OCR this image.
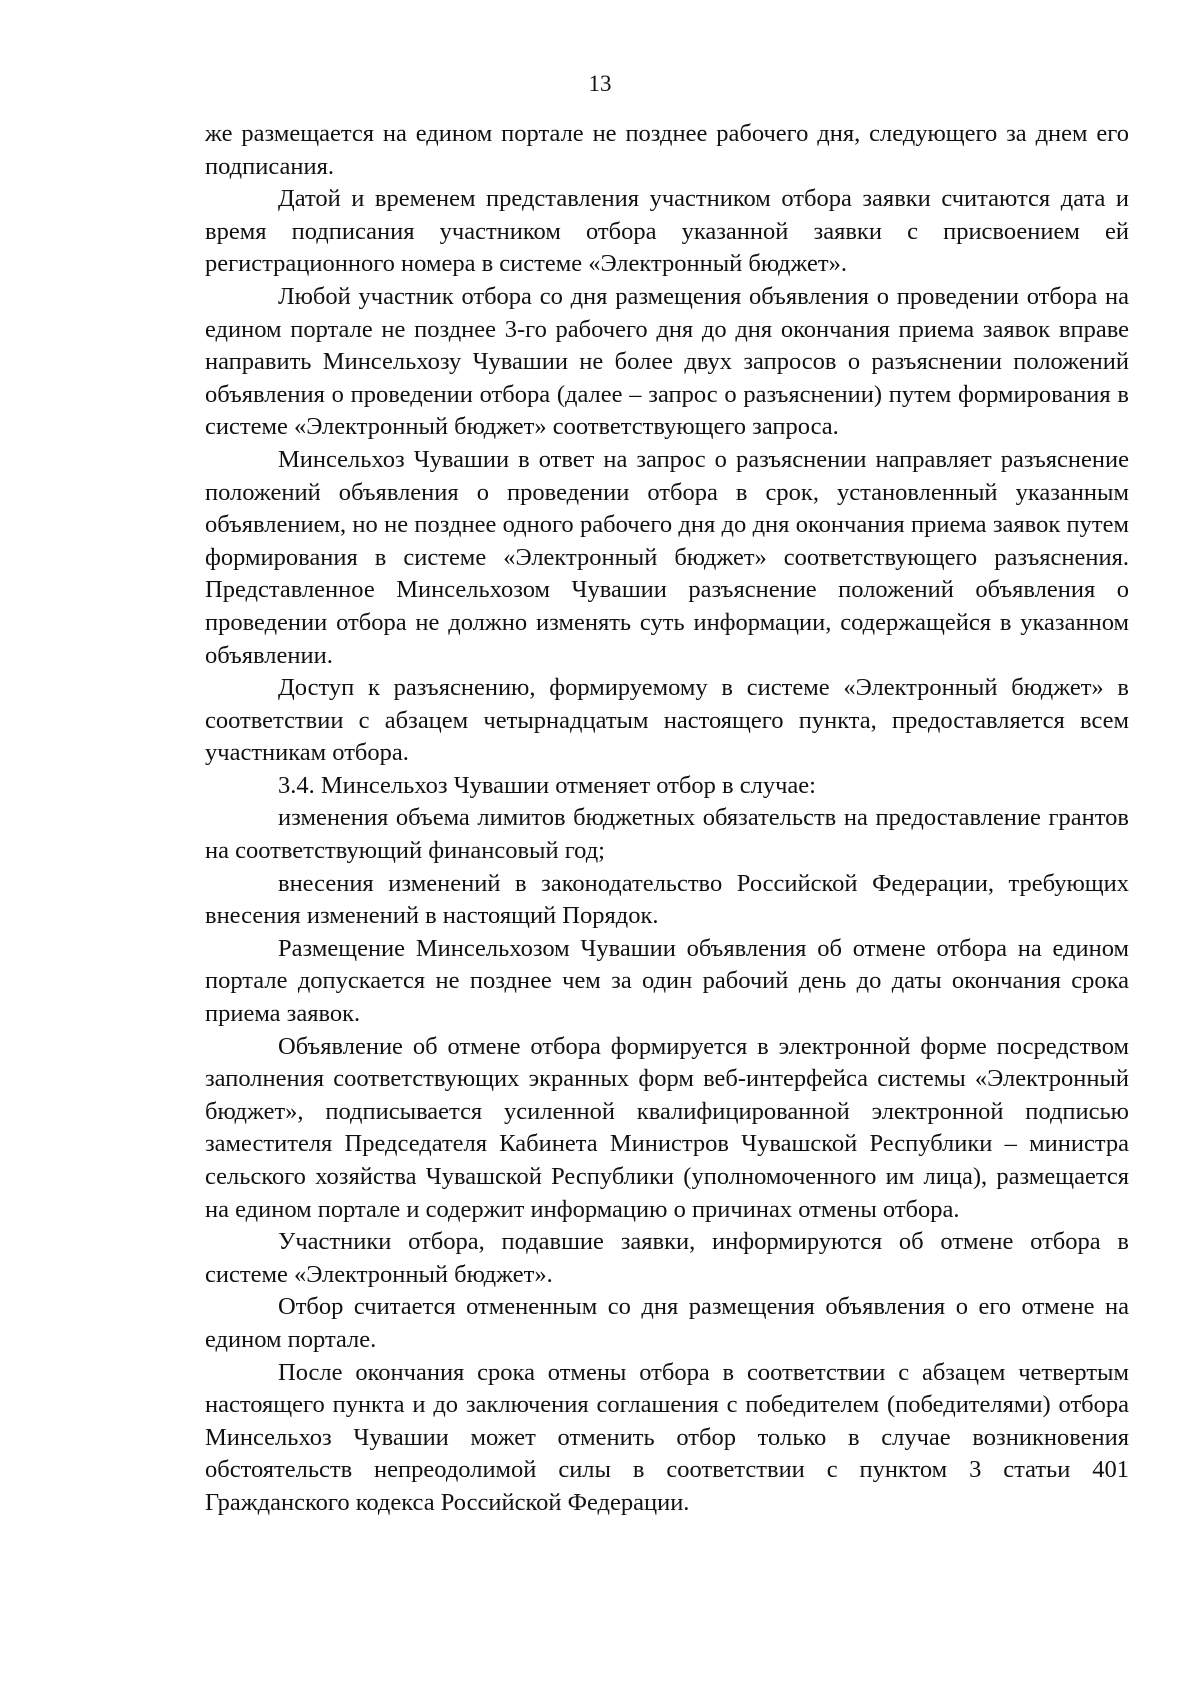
13

же размещается на едином портале не позднее рабочего дня, следующего за днем его подписания.

Датой и временем представления участником отбора заявки считаются дата и время подписания участником отбора указанной заявки с присвоением ей регистрационного номера в системе «Электронный бюджет».

Любой участник отбора со дня размещения объявления о проведении отбора на едином портале не позднее 3-го рабочего дня до дня окончания приема заявок вправе направить Минсельхозу Чувашии не более двух запросов о разъяснении положений объявления о проведении отбора (далее – запрос о разъяснении) путем формирования в системе «Электронный бюджет» соответствующего запроса.

Минсельхоз Чувашии в ответ на запрос о разъяснении направляет разъяснение положений объявления о проведении отбора в срок, установленный указанным объявлением, но не позднее одного рабочего дня до дня окончания приема заявок путем формирования в системе «Электронный бюджет» соответствующего разъяснения. Представленное Минсельхозом Чувашии разъяснение положений объявления о проведении отбора не должно изменять суть информации, содержащейся в указанном объявлении.

Доступ к разъяснению, формируемому в системе «Электронный бюджет» в соответствии с абзацем четырнадцатым настоящего пункта, предоставляется всем участникам отбора.

3.4. Минсельхоз Чувашии отменяет отбор в случае:

изменения объема лимитов бюджетных обязательств на предоставление грантов на соответствующий финансовый год;

внесения изменений в законодательство Российской Федерации, требующих внесения изменений в настоящий Порядок.

Размещение Минсельхозом Чувашии объявления об отмене отбора на едином портале допускается не позднее чем за один рабочий день до даты окончания срока приема заявок.

Объявление об отмене отбора формируется в электронной форме посредством заполнения соответствующих экранных форм веб-интерфейса системы «Электронный бюджет», подписывается усиленной квалифицированной электронной подписью заместителя Председателя Кабинета Министров Чувашской Республики – министра сельского хозяйства Чувашской Республики (уполномоченного им лица), размещается на едином портале и содержит информацию о причинах отмены отбора.

Участники отбора, подавшие заявки, информируются об отмене отбора в системе «Электронный бюджет».

Отбор считается отмененным со дня размещения объявления о его отмене на едином портале.

После окончания срока отмены отбора в соответствии с абзацем четвертым настоящего пункта и до заключения соглашения с победителем (победителями) отбора Минсельхоз Чувашии может отменить отбор только в случае возникновения обстоятельств непреодолимой силы в соответствии с пунктом 3 статьи 401 Гражданского кодекса Российской Федерации.
